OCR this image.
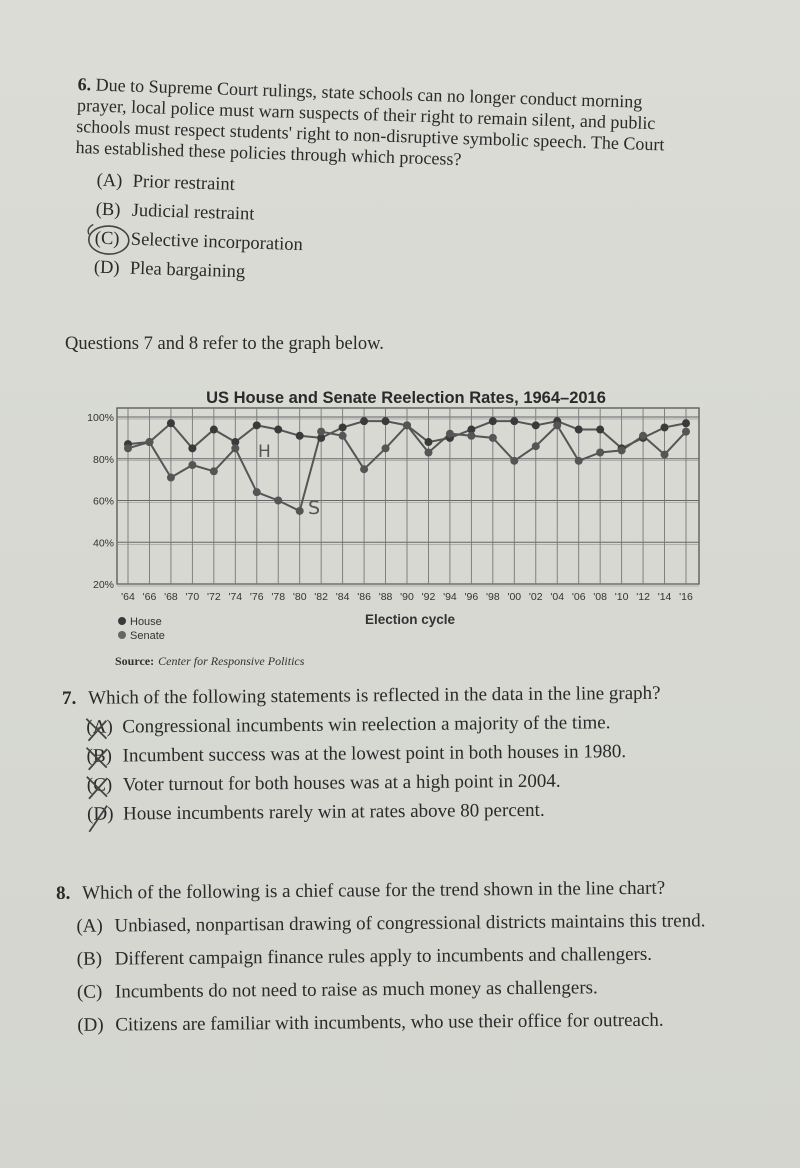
6. Due to Supreme Court rulings, state schools can no longer conduct morning prayer, local police must warn suspects of their right to remain silent, and public schools must respect students' right to non-disruptive symbolic speech. The Court has established these policies through which process?
(A) Prior restraint
(B) Judicial restraint
(C) Selective incorporation
(D) Plea bargaining
Questions 7 and 8 refer to the graph below.
US House and Senate Reelection Rates, 1964–2016
20%
40%
60%
80%
100%
'64 '66 '68 '70 '72 '74 '76 '78 '80 '82 '84 '86 '88 '90 '92 '94 '96 '98 '00 '02 '04 '06 '08 '10 '12 '14 '16
Election cycle
House
Senate
Source: Center for Responsive Politics
H
S
7. Which of the following statements is reflected in the data in the line graph?
(A) Congressional incumbents win reelection a majority of the time.
(B) Incumbent success was at the lowest point in both houses in 1980.
(C) Voter turnout for both houses was at a high point in 2004.
(D) House incumbents rarely win at rates above 80 percent.
8. Which of the following is a chief cause for the trend shown in the line chart?
(A) Unbiased, nonpartisan drawing of congressional districts maintains this trend.
(B) Different campaign finance rules apply to incumbents and challengers.
(C) Incumbents do not need to raise as much money as challengers.
(D) Citizens are familiar with incumbents, who use their office for outreach.
